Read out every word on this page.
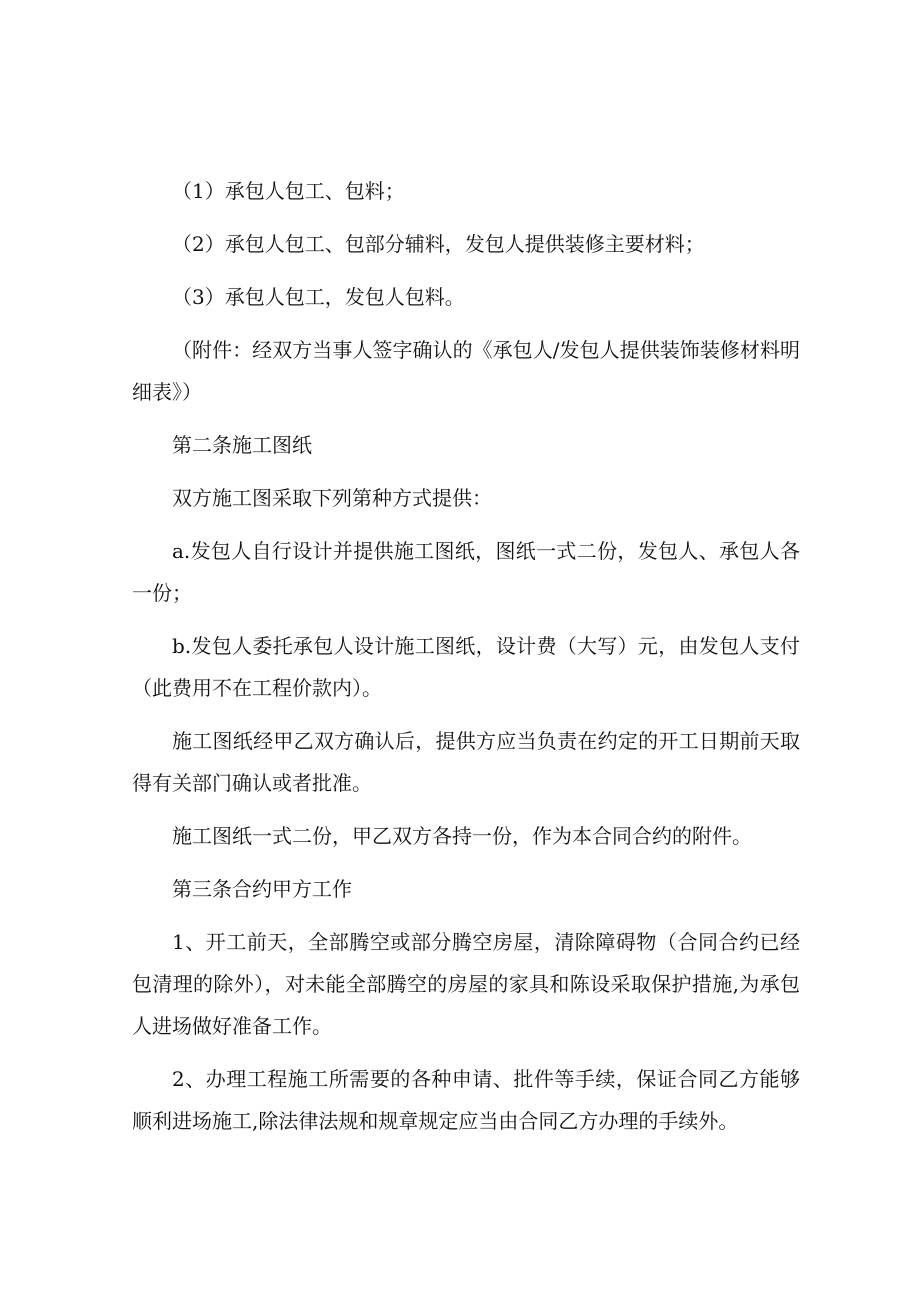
（1）承包人包工、包料；

（2）承包人包工、包部分辅料，发包人提供装修主要材料；

（3）承包人包工，发包人包料。

（附件：经双方当事人签字确认的《承包人/发包人提供装饰装修材料明细表》）

第二条施工图纸

双方施工图采取下列第种方式提供：

a.发包人自行设计并提供施工图纸，图纸一式二份，发包人、承包人各一份；

b.发包人委托承包人设计施工图纸，设计费（大写）元，由发包人支付（此费用不在工程价款内）。

施工图纸经甲乙双方确认后，提供方应当负责在约定的开工日期前天取得有关部门确认或者批准。

施工图纸一式二份，甲乙双方各持一份，作为本合同合约的附件。

第三条合约甲方工作

1、开工前天，全部腾空或部分腾空房屋，清除障碍物（合同合约已经包清理的除外），对未能全部腾空的房屋的家具和陈设采取保护措施,为承包人进场做好准备工作。

2、办理工程施工所需要的各种申请、批件等手续，保证合同乙方能够顺利进场施工,除法律法规和规章规定应当由合同乙方办理的手续外。
